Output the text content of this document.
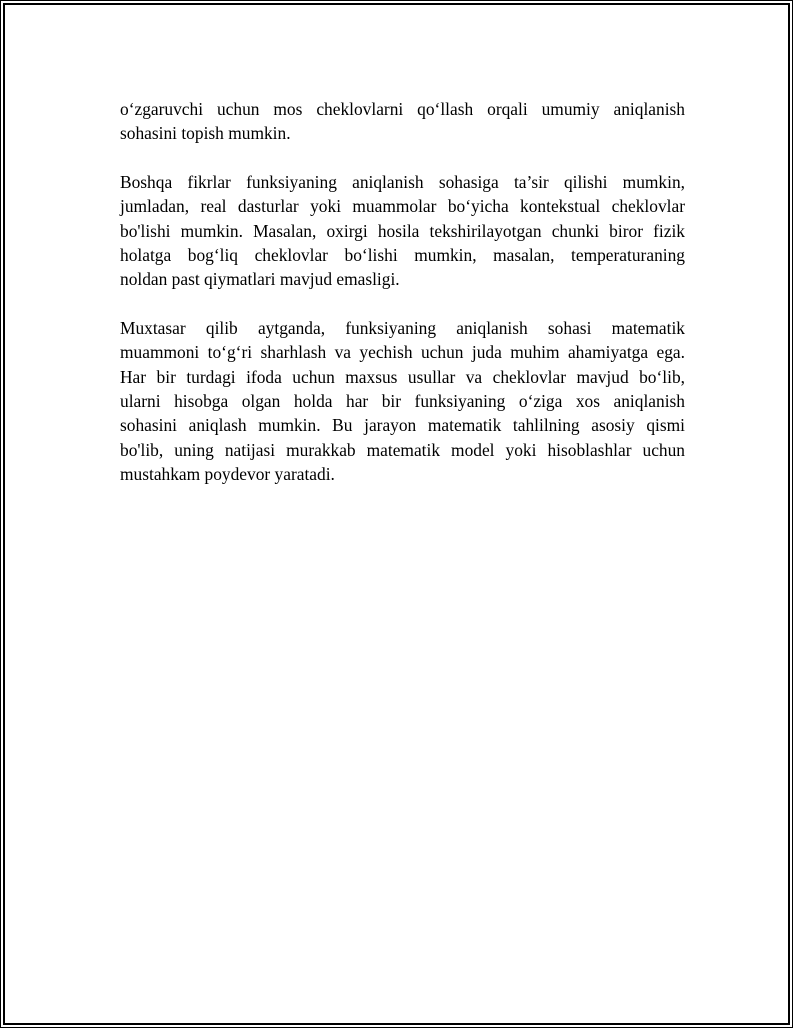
o‘zgaruvchi uchun mos cheklovlarni qo‘llash orqali umumiy aniqlanish
sohasini topish mumkin.

Boshqa fikrlar funksiyaning aniqlanish sohasiga ta’sir qilishi mumkin,
jumladan, real dasturlar yoki muammolar bo‘yicha kontekstual cheklovlar
bo'lishi mumkin. Masalan, oxirgi hosila tekshirilayotgan chunki biror fizik
holatga bog‘liq cheklovlar bo‘lishi mumkin, masalan, temperaturaning
noldan past qiymatlari mavjud emasligi.

Muxtasar qilib aytganda, funksiyaning aniqlanish sohasi matematik
muammoni to‘g‘ri sharhlash va yechish uchun juda muhim ahamiyatga ega.
Har bir turdagi ifoda uchun maxsus usullar va cheklovlar mavjud bo‘lib,
ularni hisobga olgan holda har bir funksiyaning o‘ziga xos aniqlanish
sohasini aniqlash mumkin. Bu jarayon matematik tahlilning asosiy qismi
bo'lib, uning natijasi murakkab matematik model yoki hisoblashlar uchun
mustahkam poydevor yaratadi.
